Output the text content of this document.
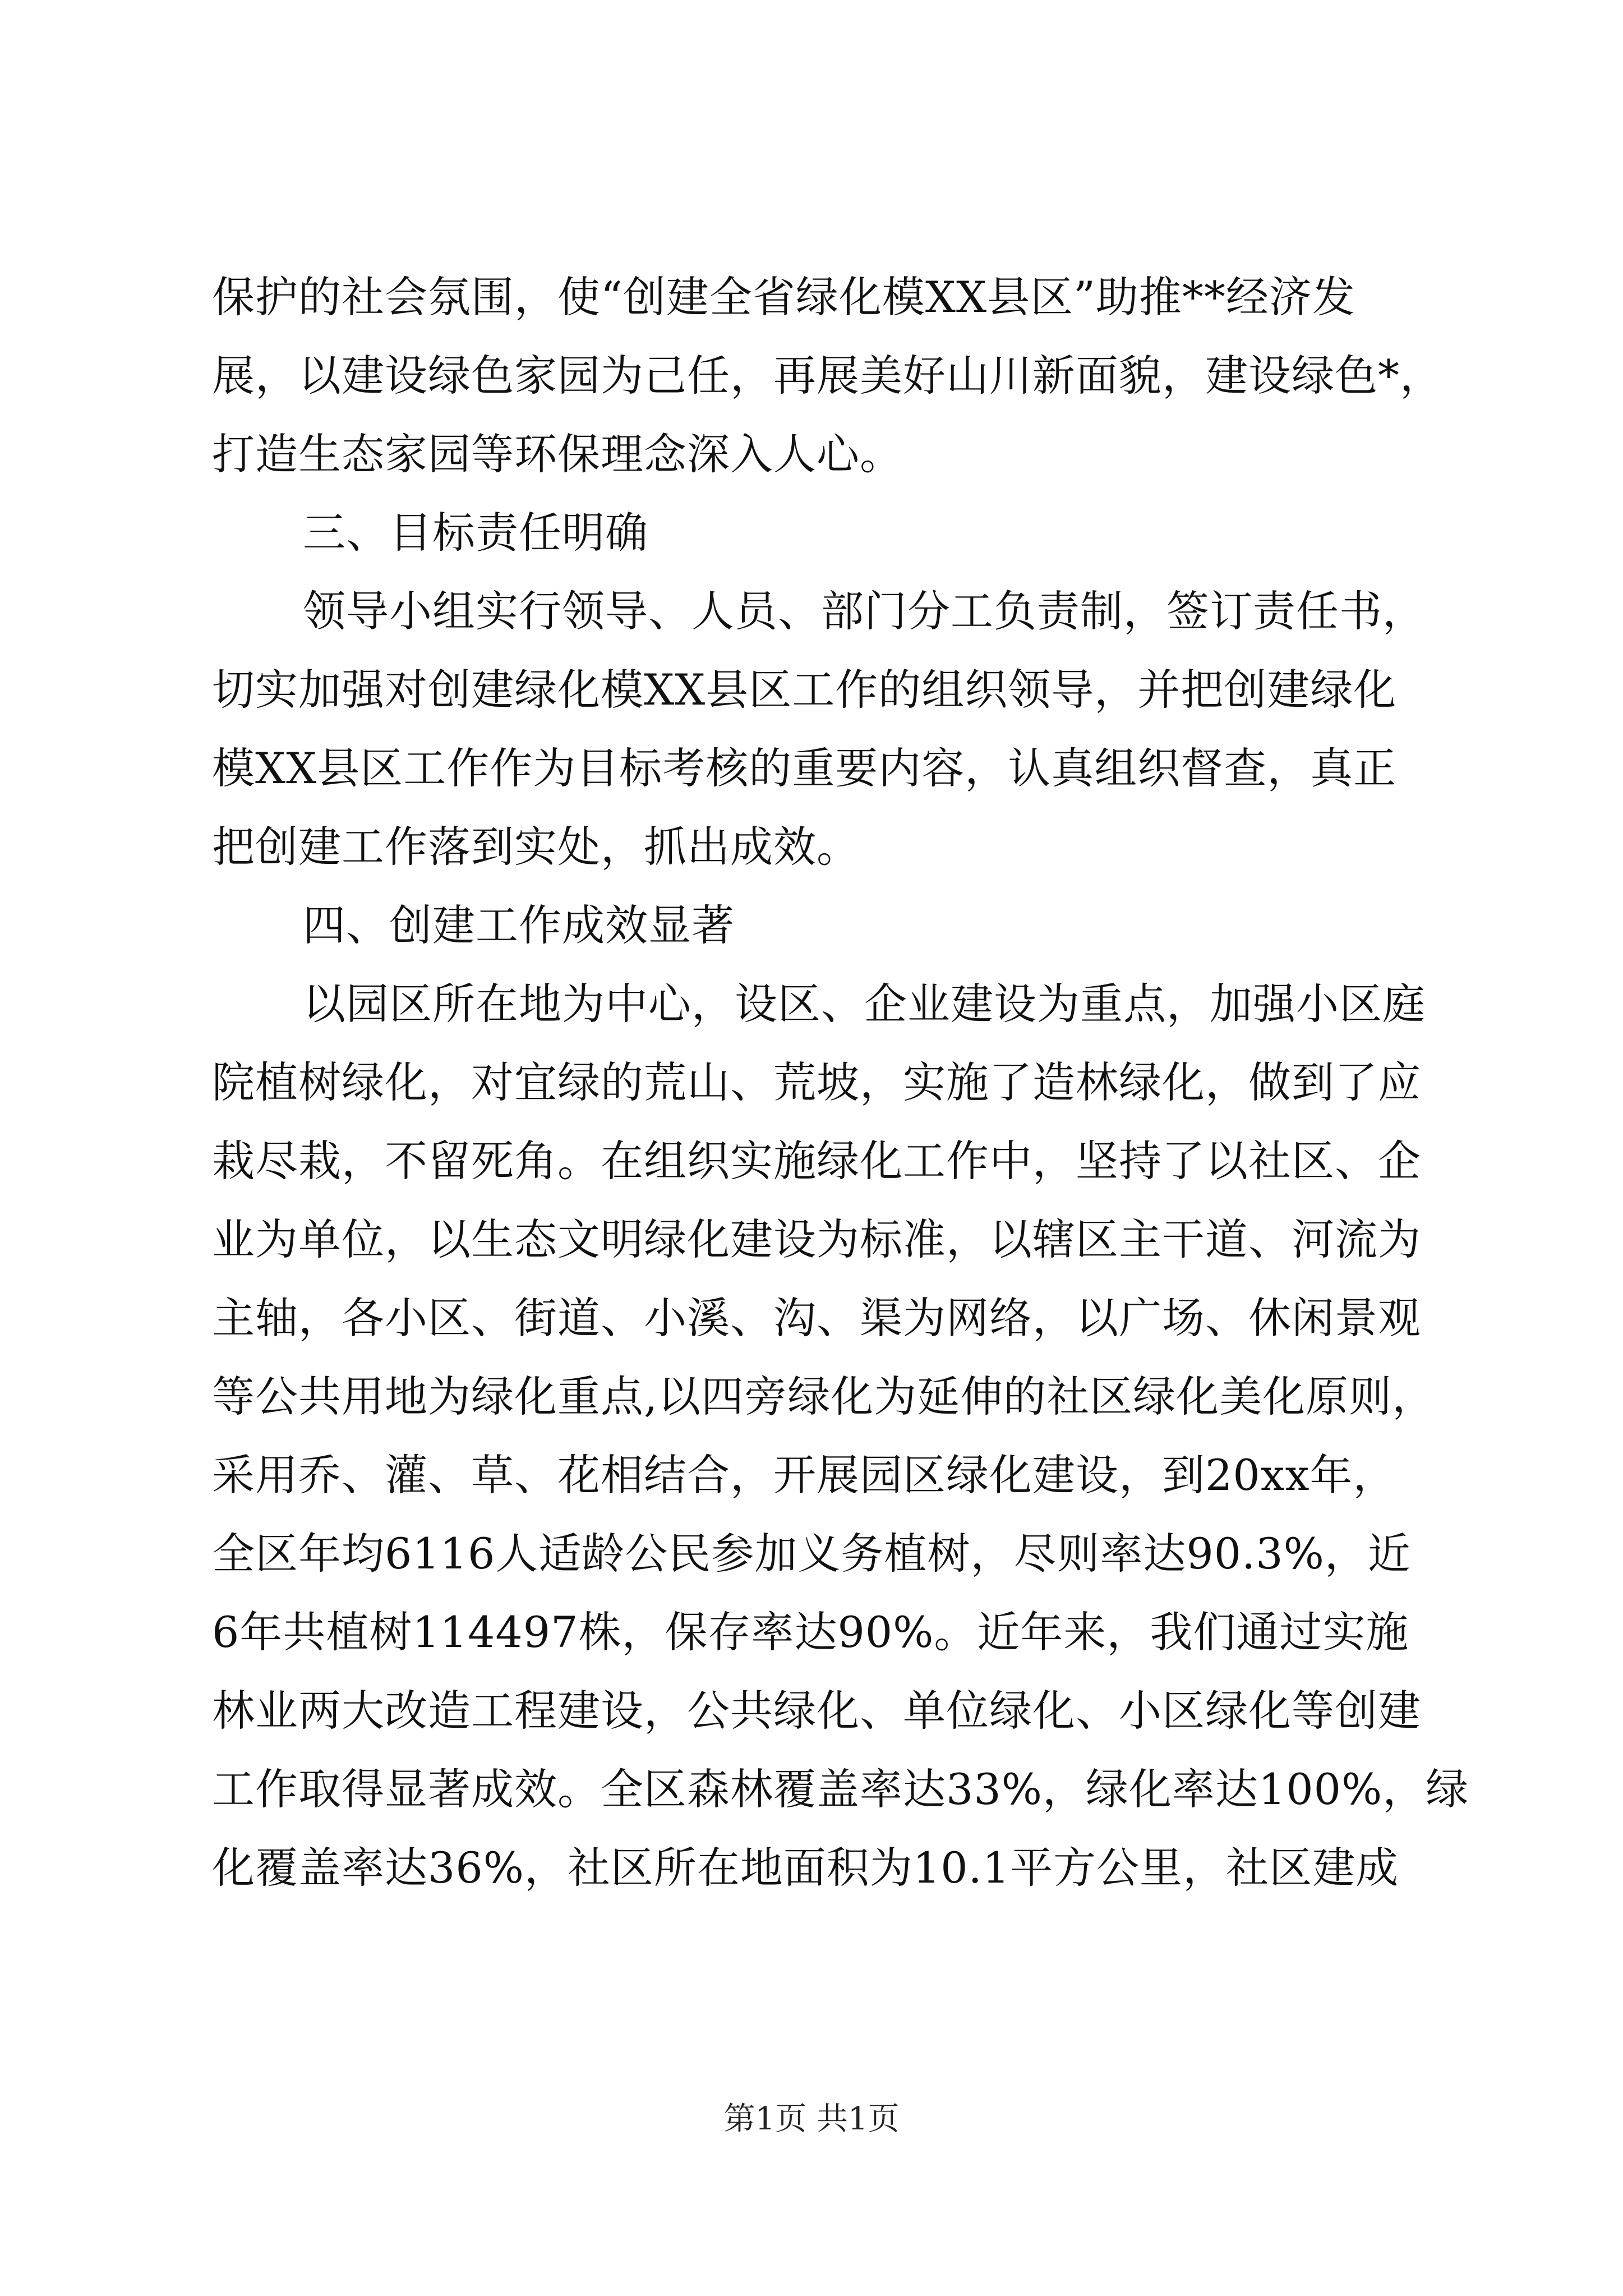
保护的社会氛围，使“创建全省绿化模XX县区”助推**经济发
展，以建设绿色家园为己任，再展美好山川新面貌，建设绿色*，
打造生态家园等环保理念深入人心。
三、目标责任明确
领导小组实行领导、人员、部门分工负责制，签订责任书，
切实加强对创建绿化模XX县区工作的组织领导，并把创建绿化
模XX县区工作作为目标考核的重要内容，认真组织督查，真正
把创建工作落到实处，抓出成效。
四、创建工作成效显著
以园区所在地为中心，设区、企业建设为重点，加强小区庭
院植树绿化，对宜绿的荒山、荒坡，实施了造林绿化，做到了应
栽尽栽，不留死角。在组织实施绿化工作中，坚持了以社区、企
业为单位，以生态文明绿化建设为标准，以辖区主干道、河流为
主轴，各小区、街道、小溪、沟、渠为网络，以广场、休闲景观
等公共用地为绿化重点,以四旁绿化为延伸的社区绿化美化原则，
采用乔、灌、草、花相结合，开展园区绿化建设，到20xx年，
全区年均6116人适龄公民参加义务植树，尽则率达90.3%，近
6年共植树114497株，保存率达90%。近年来，我们通过实施
林业两大改造工程建设，公共绿化、单位绿化、小区绿化等创建
工作取得显著成效。全区森林覆盖率达33%，绿化率达100%，绿
化覆盖率达36%，社区所在地面积为10.1平方公里，社区建成
第1页 共1页
